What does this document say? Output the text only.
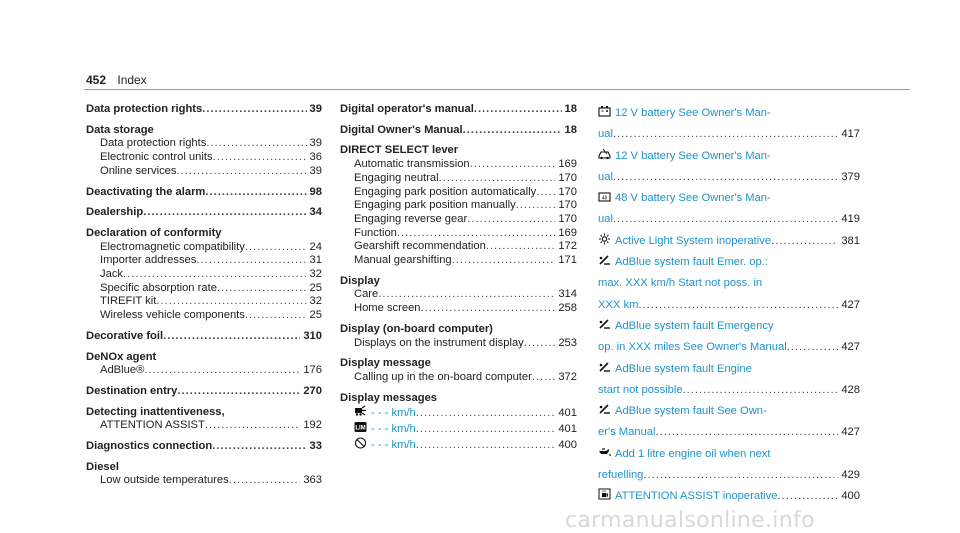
452 Index
Data protection rights .....	39
Data storage
Data protection rights .....	39
Electronic control units .....	36
Online services .....	39
Deactivating the alarm .....	98
Dealership .....	34
Declaration of conformity
Electromagnetic compatibility .....	24
Importer addresses .....	31
Jack .....	32
Specific absorption rate .....	25
TIREFIT kit .....	32
Wireless vehicle components .....	25
Decorative foil .....	310
DeNOx agent
AdBlue® .....	176
Destination entry .....	270
Detecting inattentiveness,
ATTENTION ASSIST .....	192
Diagnostics connection .....	33
Diesel
Low outside temperatures .....	363
Digital operator's manual .....	18
Digital Owner's Manual .....	18
DIRECT SELECT lever
Automatic transmission .....	169
Engaging neutral .....	170
Engaging park position automatically ..... 170
Engaging park position manually .....	170
Engaging reverse gear .....	170
Function .....	169
Gearshift recommendation .....	172
Manual gearshifting .....	171
Display
Care .....	314
Home screen .....	258
Display (on-board computer)
Displays on the instrument display .....	253
Display message
Calling up in the on-board computer ..... 372
Display messages
- - - km/h .....	401
LIM - - - km/h .....	401
- - - km/h .....	400
12 V battery See Owner's Man-
ual .....	417
12 V battery See Owner's Man-
ual .....	379
48 48 V battery See Owner's Man-
ual .....	419
Active Light System inoperative .....	381
AdBlue system fault Emer. op.:
max. XXX km/h Start not poss. in
XXX km .....	427
AdBlue system fault Emergency
op. in XXX miles See Owner's Manual .....	427
AdBlue system fault Engine
start not possible .....	428
AdBlue system fault See Own-
er's Manual .....	427
Add 1 litre engine oil when next
refuelling .....	429
ATTENTION ASSIST inoperative .....	400
carmanualsonline.info
